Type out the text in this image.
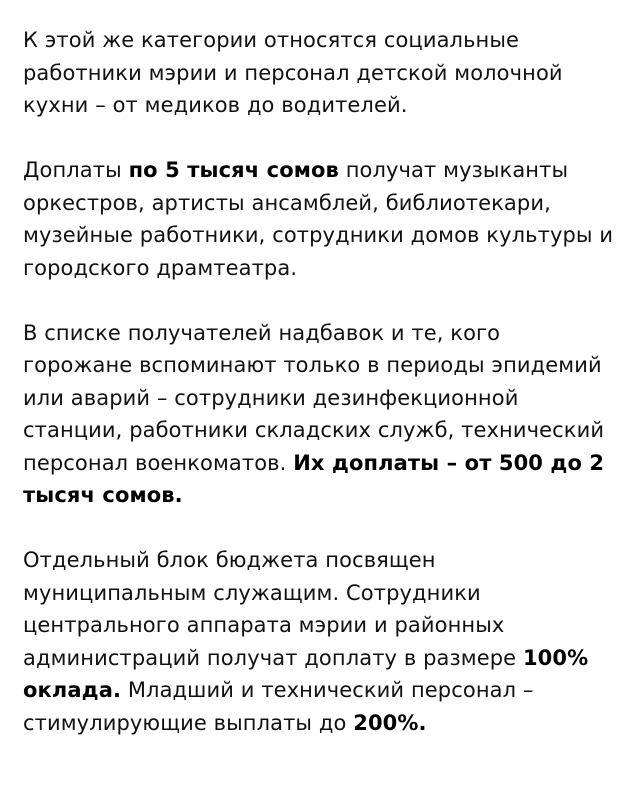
К этой же категории относятся социальные работники мэрии и персонал детской молочной кухни – от медиков до водителей.

Доплаты по 5 тысяч сомов получат музыканты оркестров, артисты ансамблей, библиотекари, музейные работники, сотрудники домов культуры и городского драмтеатра.

В списке получателей надбавок и те, кого горожане вспоминают только в периоды эпидемий или аварий – сотрудники дезинфекционной станции, работники складских служб, технический персонал военкоматов. Их доплаты – от 500 до 2 тысяч сомов.

Отдельный блок бюджета посвящен муниципальным служащим. Сотрудники центрального аппарата мэрии и районных администраций получат доплату в размере 100% оклада. Младший и технический персонал – стимулирующие выплаты до 200%.
